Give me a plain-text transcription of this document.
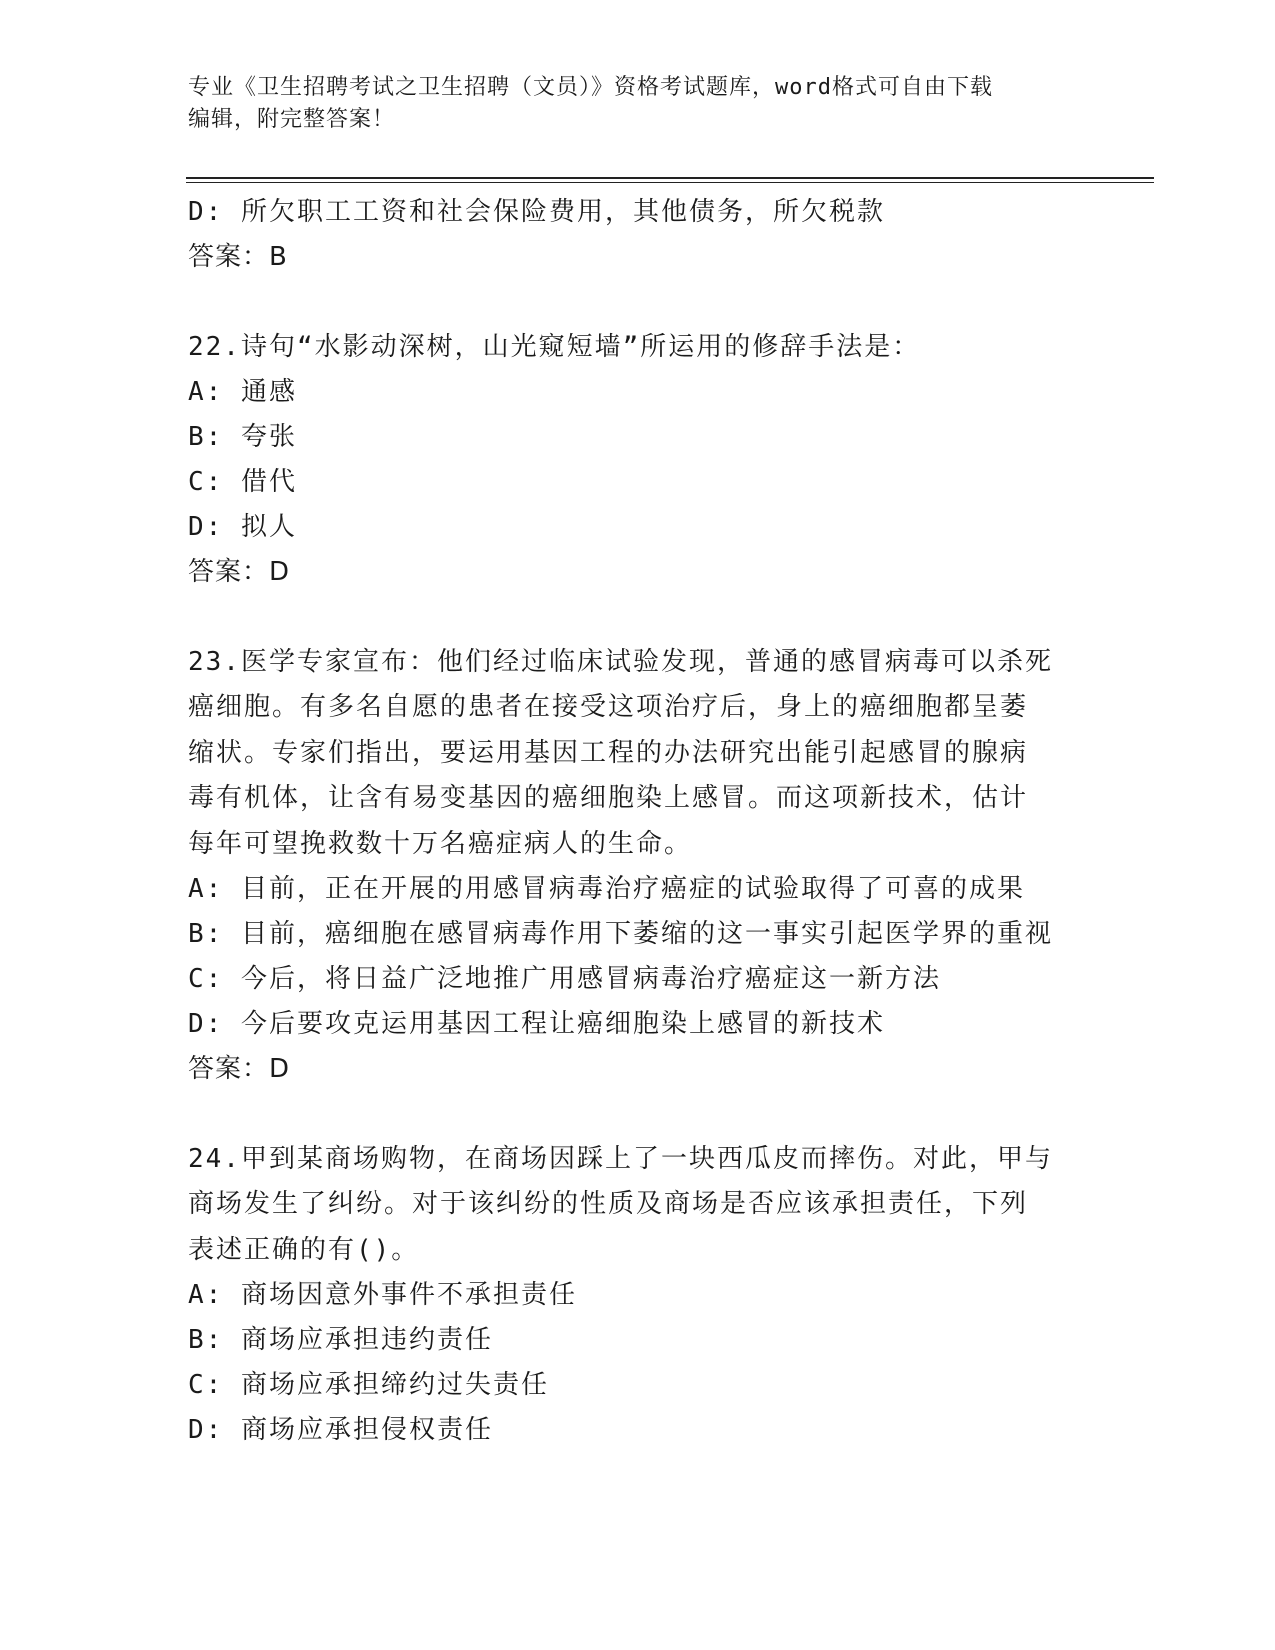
专业《卫生招聘考试之卫生招聘（文员）》资格考试题库，word格式可自由下载
编辑，附完整答案！
D: 所欠职工工资和社会保险费用，其他债务，所欠税款
答案：B
22.诗句“水影动深树，山光窥短墙”所运用的修辞手法是：
A: 通感
B: 夸张
C: 借代
D: 拟人
答案：D
23.医学专家宣布：他们经过临床试验发现，普通的感冒病毒可以杀死
癌细胞。有多名自愿的患者在接受这项治疗后，身上的癌细胞都呈萎
缩状。专家们指出，要运用基因工程的办法研究出能引起感冒的腺病
毒有机体，让含有易变基因的癌细胞染上感冒。而这项新技术，估计
每年可望挽救数十万名癌症病人的生命。
A: 目前，正在开展的用感冒病毒治疗癌症的试验取得了可喜的成果
B: 目前，癌细胞在感冒病毒作用下萎缩的这一事实引起医学界的重视
C: 今后，将日益广泛地推广用感冒病毒治疗癌症这一新方法
D: 今后要攻克运用基因工程让癌细胞染上感冒的新技术
答案：D
24.甲到某商场购物，在商场因踩上了一块西瓜皮而摔伤。对此，甲与
商场发生了纠纷。对于该纠纷的性质及商场是否应该承担责任，下列
表述正确的有()。
A: 商场因意外事件不承担责任
B: 商场应承担违约责任
C: 商场应承担缔约过失责任
D: 商场应承担侵权责任
